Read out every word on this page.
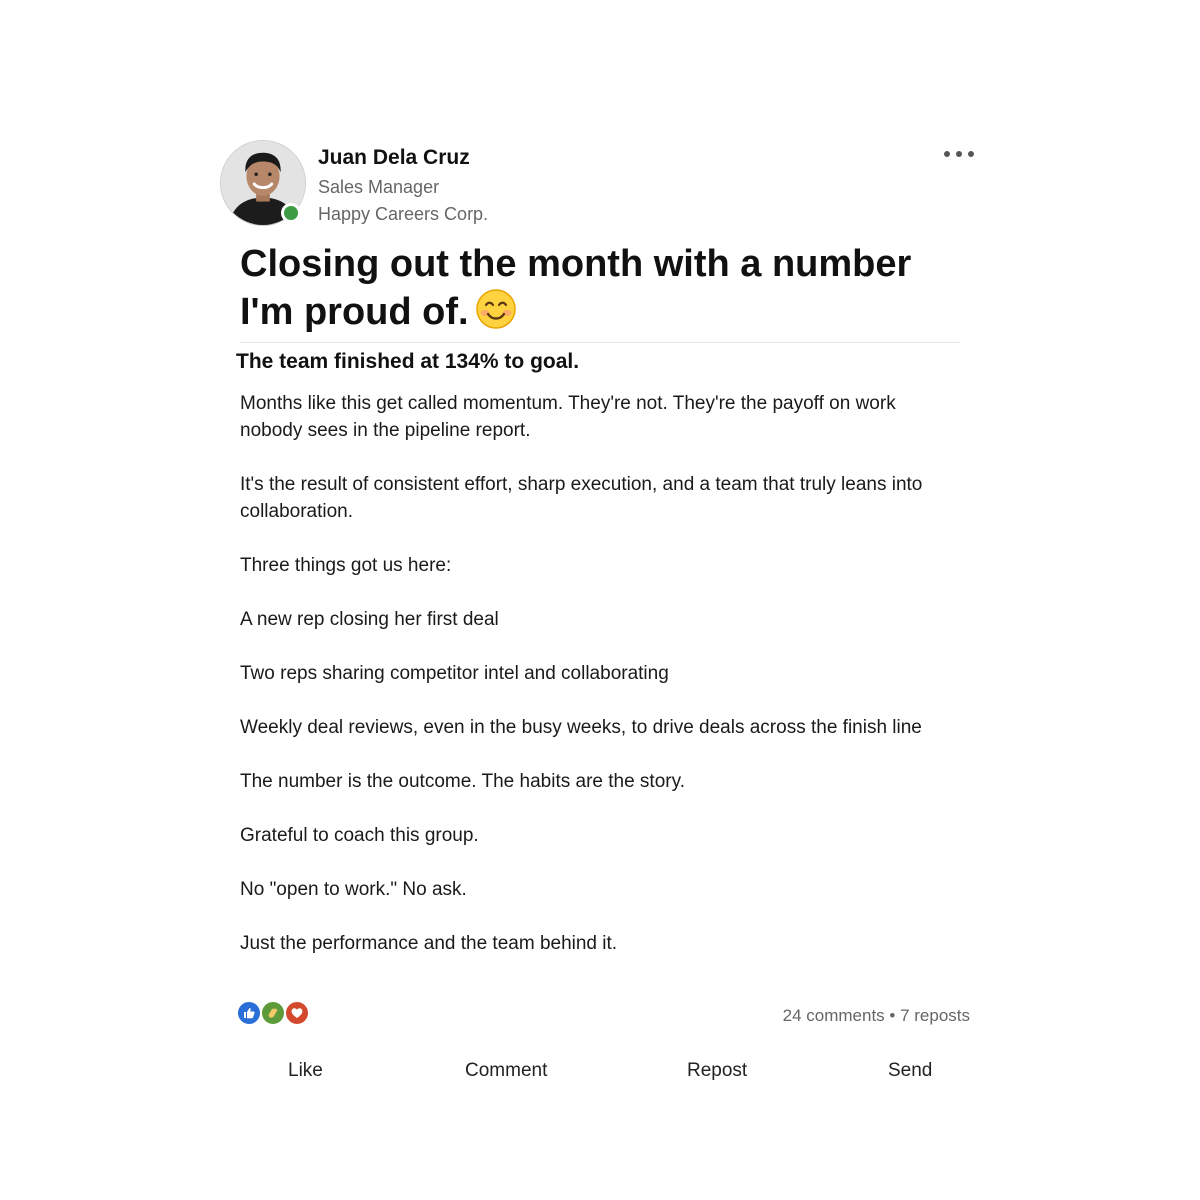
Juan Dela Cruz
Sales Manager
Happy Careers Corp.
Closing out the month with a number I'm proud of.
The team finished at 134% to goal.

Months like this get called momentum. They're not. They're the payoff on work nobody sees in the pipeline report.

It's the result of consistent effort, sharp execution, and a team that truly leans into collaboration.

Three things got us here:

A new rep closing her first deal

Two reps sharing competitor intel and collaborating

Weekly deal reviews, even in the busy weeks, to drive deals across the finish line

The number is the outcome. The habits are the story.

Grateful to coach this group.

No "open to work." No ask.

Just the performance and the team behind it.

24 comments • 7 reposts
Like	Comment	Repost	Send
